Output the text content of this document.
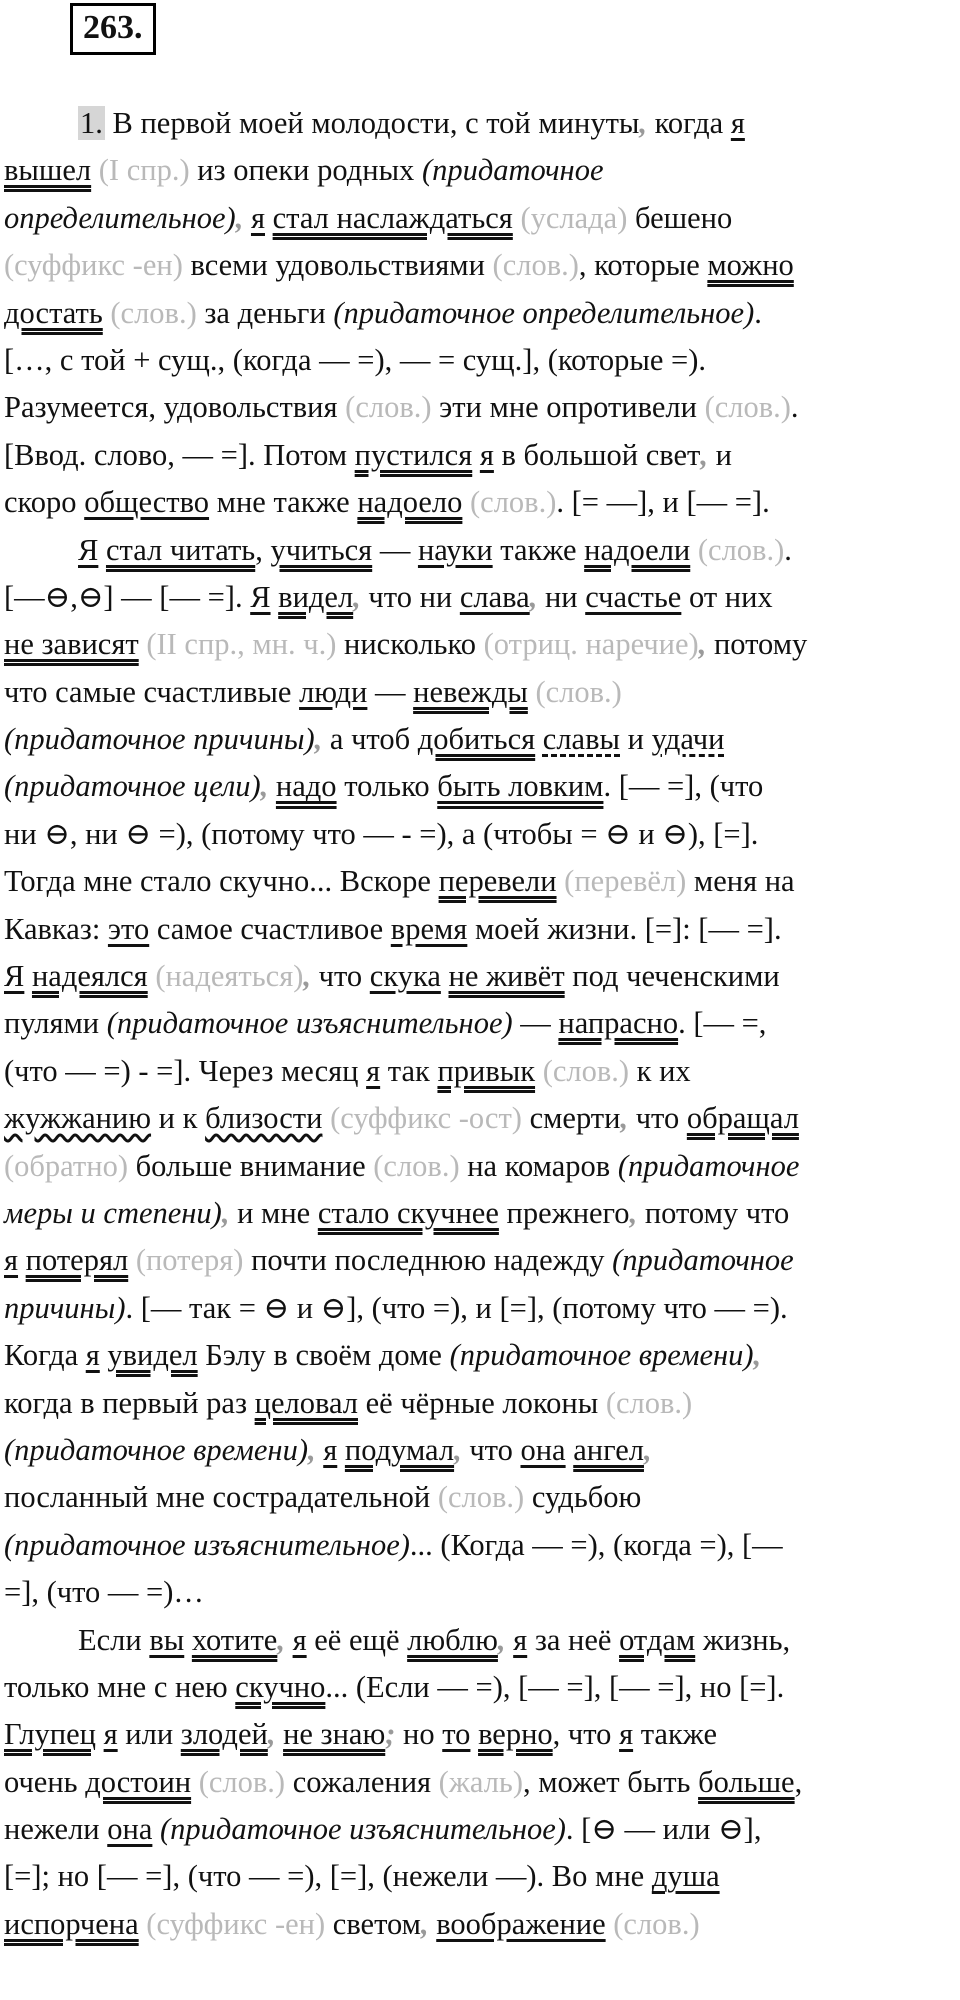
263.
1. В первой моей молодости, с той минуты, когда я
вышел (I спр.) из опеки родных (придаточное
определительное), я стал наслаждаться (услада) бешено
(суффикс -ен) всеми удовольствиями (слов.), которые можно
достать (слов.) за деньги (придаточное определительное).
[…, с той + сущ., (когда — =), — = сущ.], (которые =).
Разумеется, удовольствия (слов.) эти мне опротивели (слов.).
[Ввод. слово, — =]. Потом пустился я в большой свет, и
скоро общество мне также надоело (слов.). [= —], и [— =].
Я стал читать, учиться — науки также надоели (слов.).
[—⊖,⊖] — [— =]. Я видел, что ни слава, ни счастье от них
не зависят (II спр., мн. ч.) нисколько (отриц. наречие), потому
что самые счастливые люди — невежды (слов.)
(придаточное причины), а чтоб добиться славы и удачи
(придаточное цели), надо только быть ловким. [— =], (что
ни ⊖, ни ⊖ =), (потому что — - =), а (чтобы = ⊖ и ⊖), [=].
Тогда мне стало скучно... Вскоре перевели (перевёл) меня на
Кавказ: это самое счастливое время моей жизни. [=]: [— =].
Я надеялся (надеяться), что скука не живёт под чеченскими
пулями (придаточное изъяснительное) — напрасно. [— =,
(что — =) - =]. Через месяц я так привык (слов.) к их
жужжанию и к близости (суффикс -ост) смерти, что обращал
(обратно) больше внимание (слов.) на комаров (придаточное
меры и степени), и мне стало скучнее прежнего, потому что
я потерял (потеря) почти последнюю надежду (придаточное
причины). [— так = ⊖ и ⊖], (что =), и [=], (потому что — =).
Когда я увидел Бэлу в своём доме (придаточное времени),
когда в первый раз целовал её чёрные локоны (слов.)
(придаточное времени), я подумал, что она ангел,
посланный мне сострадательной (слов.) судьбою
(придаточное изъяснительное)... (Когда — =), (когда =), [—
=], (что — =)…
Если вы хотите, я её ещё люблю, я за неё отдам жизнь,
только мне с нею скучно... (Если — =), [— =], [— =], но [=].
Глупец я или злодей, не знаю; но то верно, что я также
очень достоин (слов.) сожаления (жаль), может быть больше,
нежели она (придаточное изъяснительное). [⊖ — или ⊖],
[=]; но [— =], (что — =), [=], (нежели —). Во мне душа
испорчена (суффикс -ен) светом, воображение (слов.)
